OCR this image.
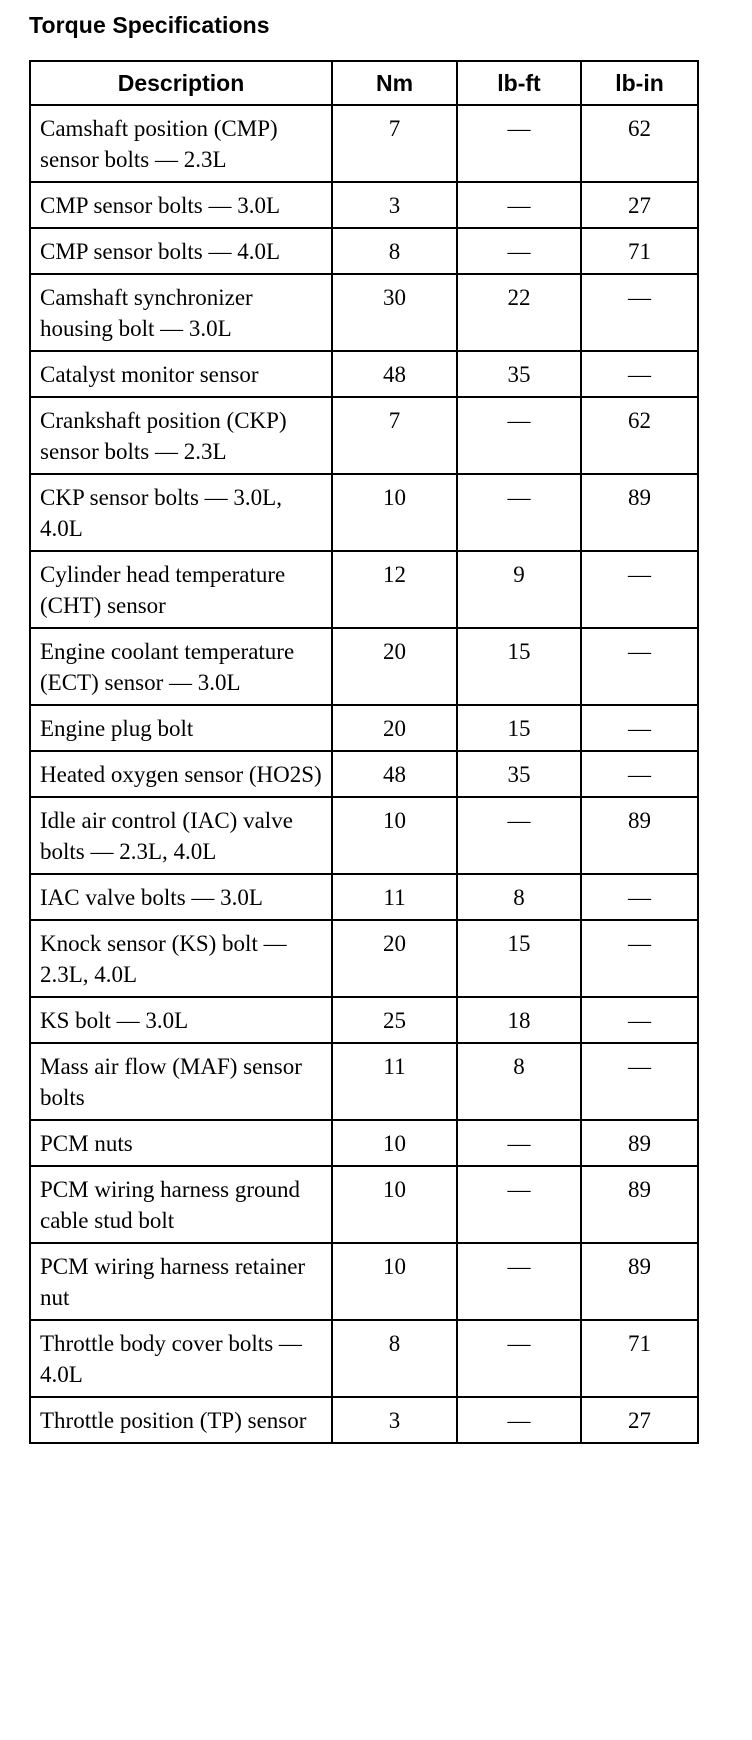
Torque Specifications
Description	Nm	lb-ft	lb-in
Camshaft position (CMP) sensor bolts — 2.3L	7	—	62
CMP sensor bolts — 3.0L	3	—	27
CMP sensor bolts — 4.0L	8	—	71
Camshaft synchronizer housing bolt — 3.0L	30	22	—
Catalyst monitor sensor	48	35	—
Crankshaft position (CKP) sensor bolts — 2.3L	7	—	62
CKP sensor bolts — 3.0L, 4.0L	10	—	89
Cylinder head temperature (CHT) sensor	12	9	—
Engine coolant temperature (ECT) sensor — 3.0L	20	15	—
Engine plug bolt	20	15	—
Heated oxygen sensor (HO2S)	48	35	—
Idle air control (IAC) valve bolts — 2.3L, 4.0L	10	—	89
IAC valve bolts — 3.0L	11	8	—
Knock sensor (KS) bolt — 2.3L, 4.0L	20	15	—
KS bolt — 3.0L	25	18	—
Mass air flow (MAF) sensor bolts	11	8	—
PCM nuts	10	—	89
PCM wiring harness ground cable stud bolt	10	—	89
PCM wiring harness retainer nut	10	—	89
Throttle body cover bolts — 4.0L	8	—	71
Throttle position (TP) sensor	3	—	27
